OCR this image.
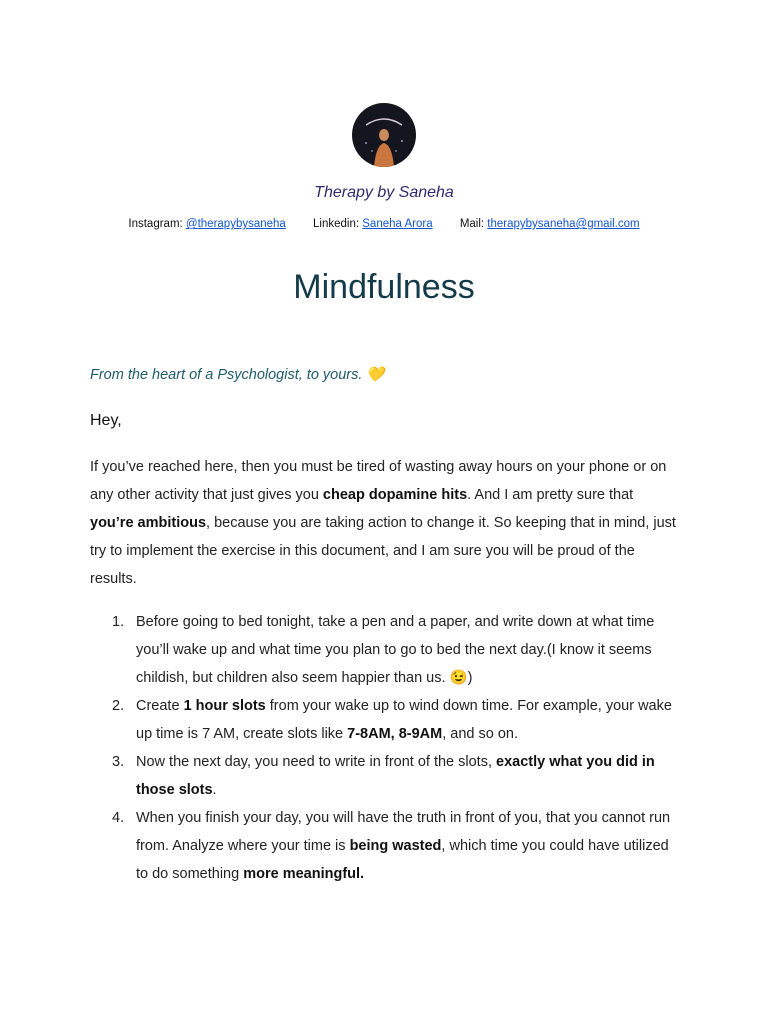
Therapy by Saneha
Instagram: @therapybysaneha Linkedin: Saneha Arora Mail: therapybysaneha@gmail.com
Mindfulness
From the heart of a Psychologist, to yours. 💛
Hey,

If you’ve reached here, then you must be tired of wasting away hours on your phone or on any other activity that just gives you cheap dopamine hits. And I am pretty sure that you’re ambitious, because you are taking action to change it. So keeping that in mind, just try to implement the exercise in this document, and I am sure you will be proud of the results.

1. Before going to bed tonight, take a pen and a paper, and write down at what time you’ll wake up and what time you plan to go to bed the next day.(I know it seems childish, but children also seem happier than us. 😉)
2. Create 1 hour slots from your wake up to wind down time. For example, your wake up time is 7 AM, create slots like 7-8AM, 8-9AM, and so on.
3. Now the next day, you need to write in front of the slots, exactly what you did in those slots.
4. When you finish your day, you will have the truth in front of you, that you cannot run from. Analyze where your time is being wasted, which time you could have utilized to do something more meaningful.
